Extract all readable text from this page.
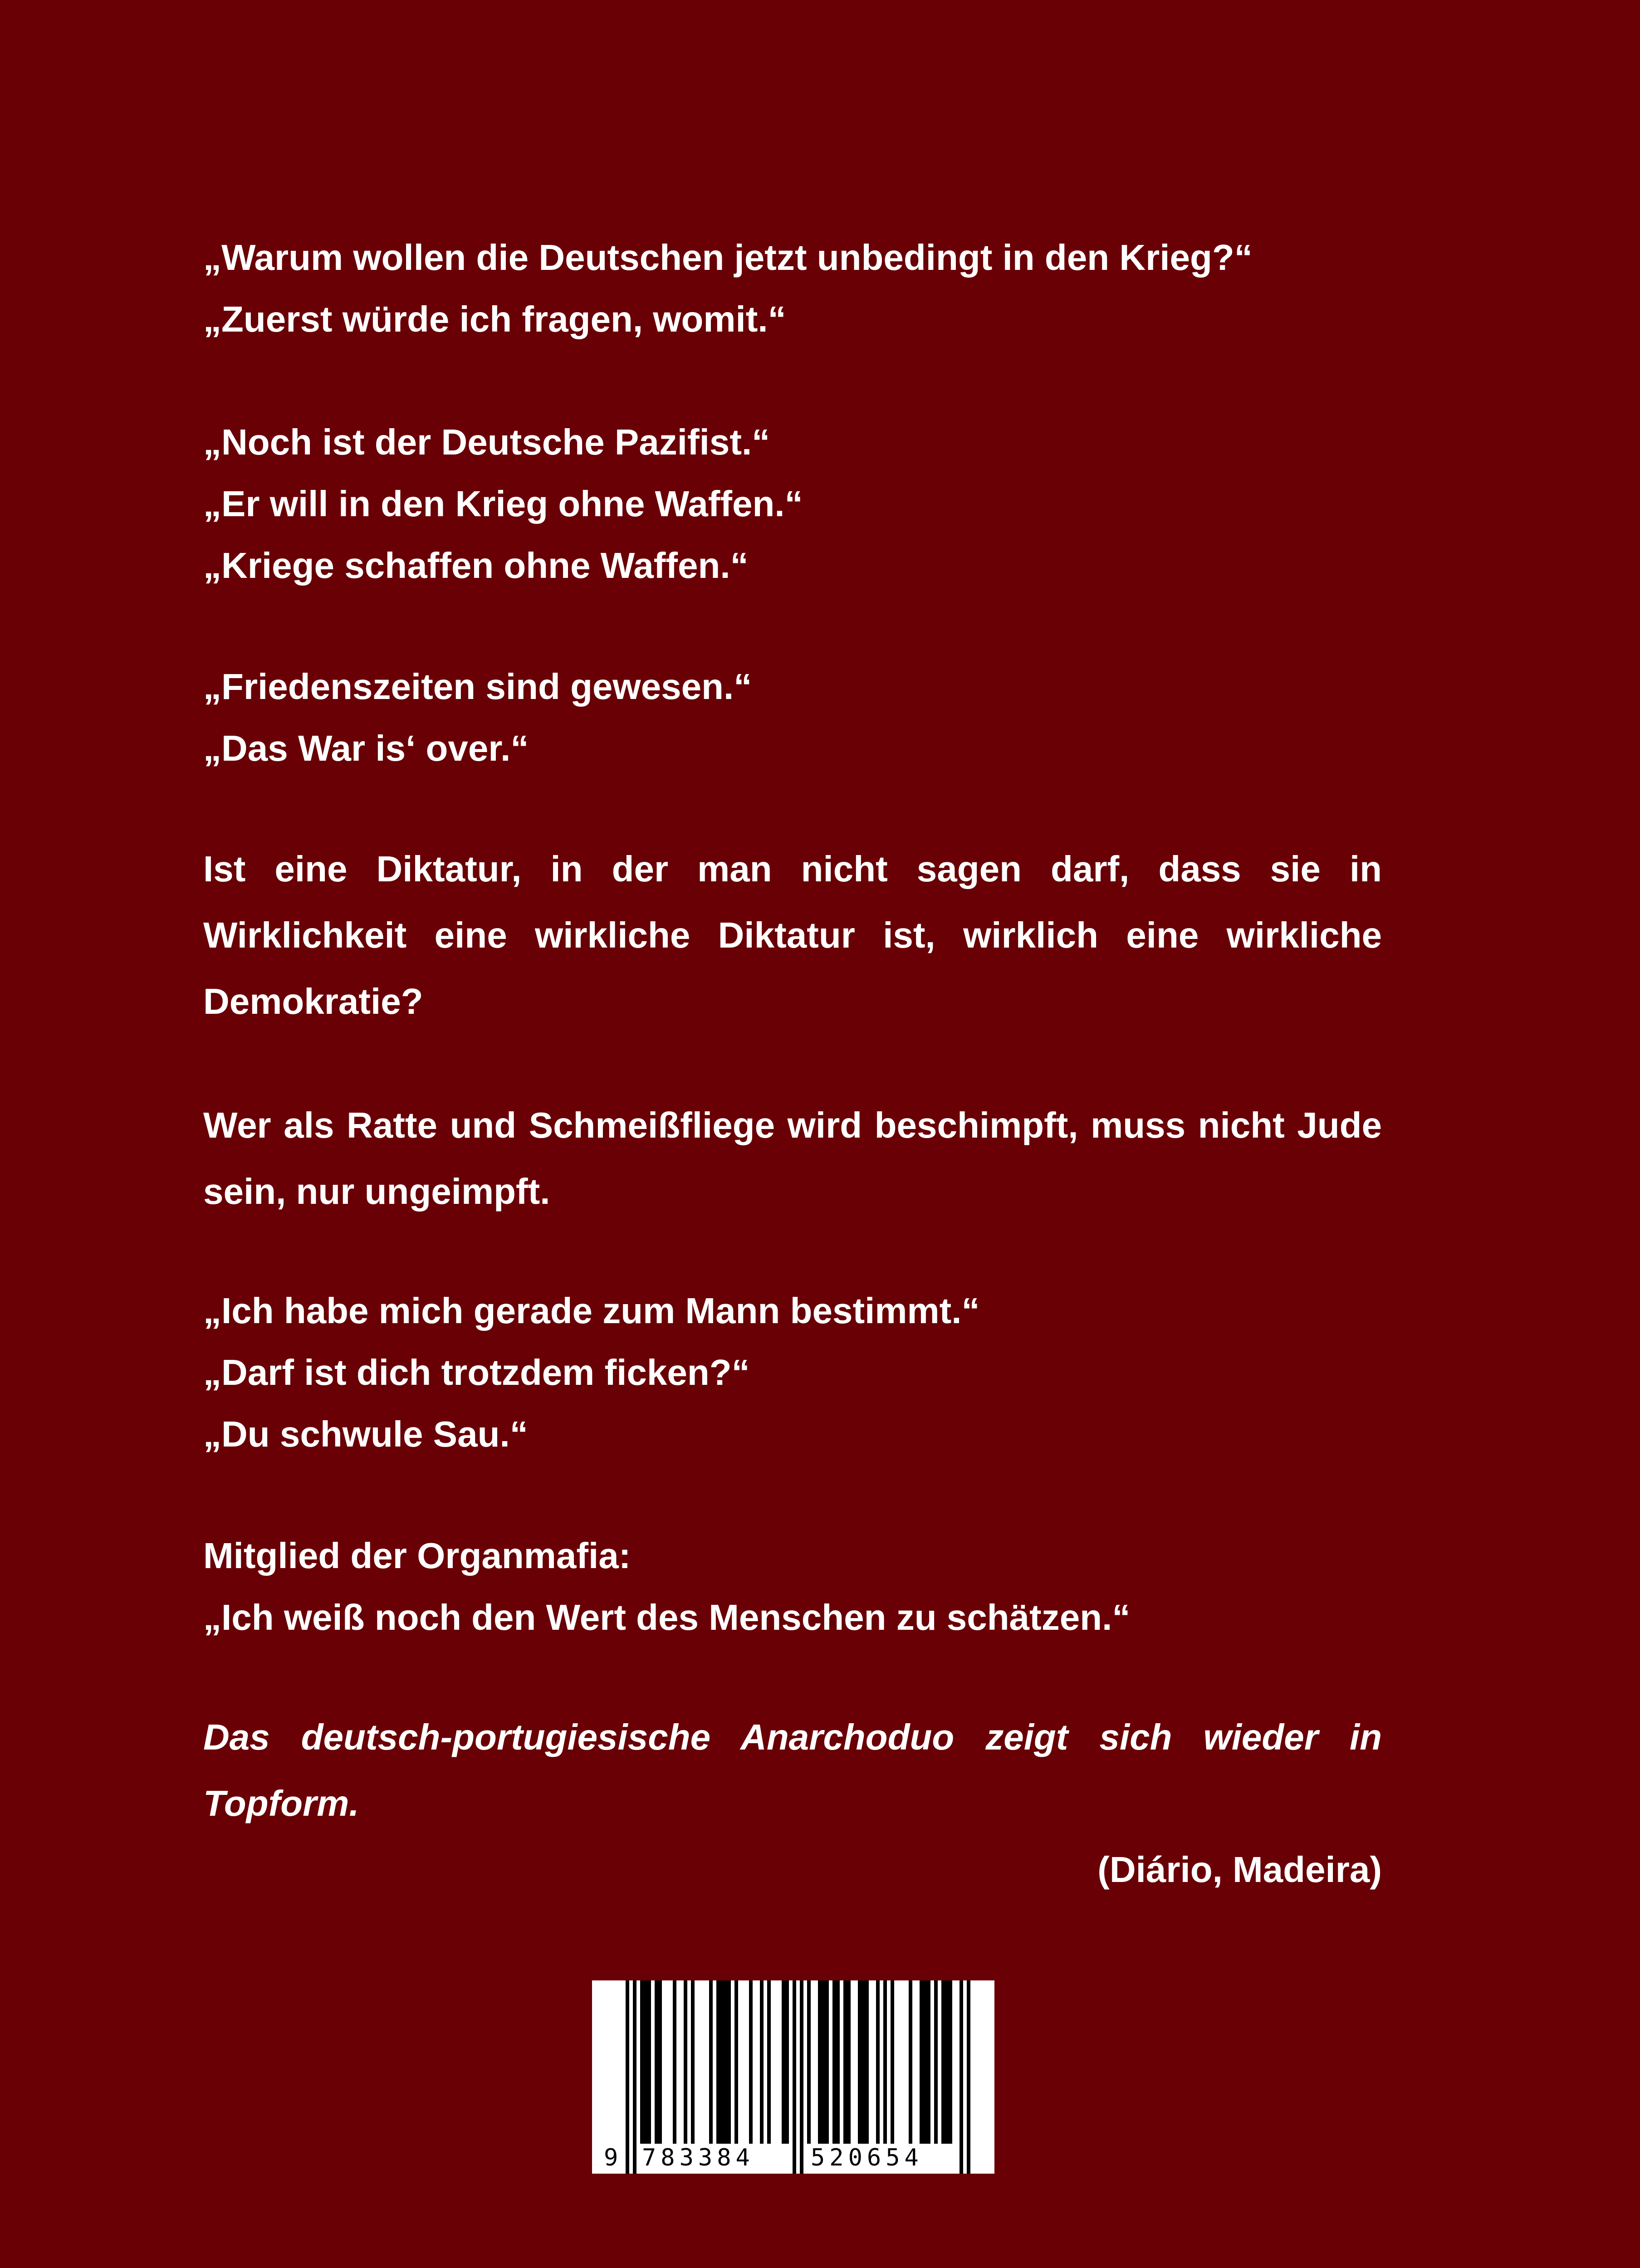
„Warum wollen die Deutschen jetzt unbedingt in den Krieg?“
„Zuerst würde ich fragen, womit.“
„Noch ist der Deutsche Pazifist.“
„Er will in den Krieg ohne Waffen.“
„Kriege schaffen ohne Waffen.“
„Friedenszeiten sind gewesen.“
„Das War is‘ over.“
Ist eine Diktatur, in der man nicht sagen darf, dass sie in Wirklichkeit eine wirkliche Diktatur ist, wirklich eine wirkliche Demokratie?
Wer als Ratte und Schmeißfliege wird beschimpft, muss nicht Jude sein, nur ungeimpft.
„Ich habe mich gerade zum Mann bestimmt.“
„Darf ist dich trotzdem ficken?“
„Du schwule Sau.“
Mitglied der Organmafia:
„Ich weiß noch den Wert des Menschen zu schätzen.“
Das deutsch-portugiesische Anarchoduo zeigt sich wieder in Topform.
(Diário, Madeira)
9 783384 520654
